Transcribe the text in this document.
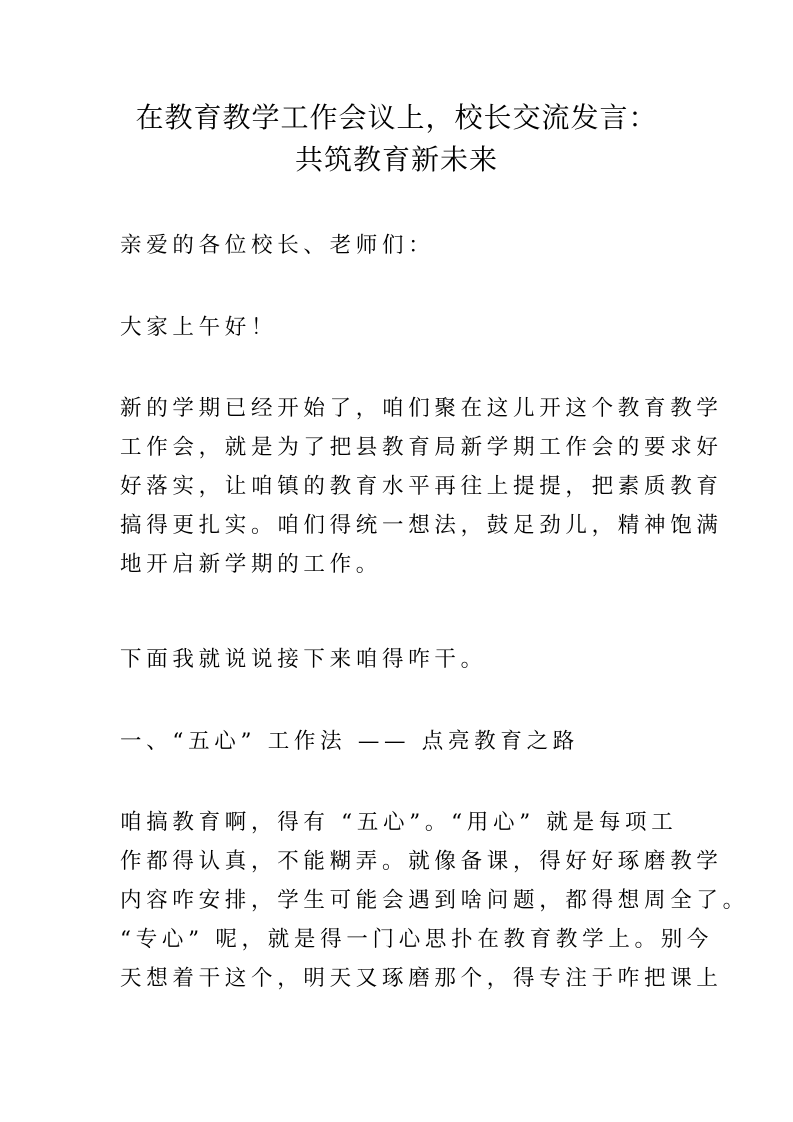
在教育教学工作会议上，校长交流发言：
共筑教育新未来

亲爱的各位校长、老师们：

大家上午好！

新的学期已经开始了，咱们聚在这儿开这个教育教学
工作会，就是为了把县教育局新学期工作会的要求好
好落实，让咱镇的教育水平再往上提提，把素质教育
搞得更扎实。咱们得统一想法，鼓足劲儿，精神饱满
地开启新学期的工作。

下面我就说说接下来咱得咋干。

一、“五心” 工作法 —— 点亮教育之路

咱搞教育啊，得有 “五心”。“用心” 就是每项工
作都得认真，不能糊弄。就像备课，得好好琢磨教学
内容咋安排，学生可能会遇到啥问题，都得想周全了。
“专心” 呢，就是得一门心思扑在教育教学上。别今
天想着干这个，明天又琢磨那个，得专注于咋把课上
